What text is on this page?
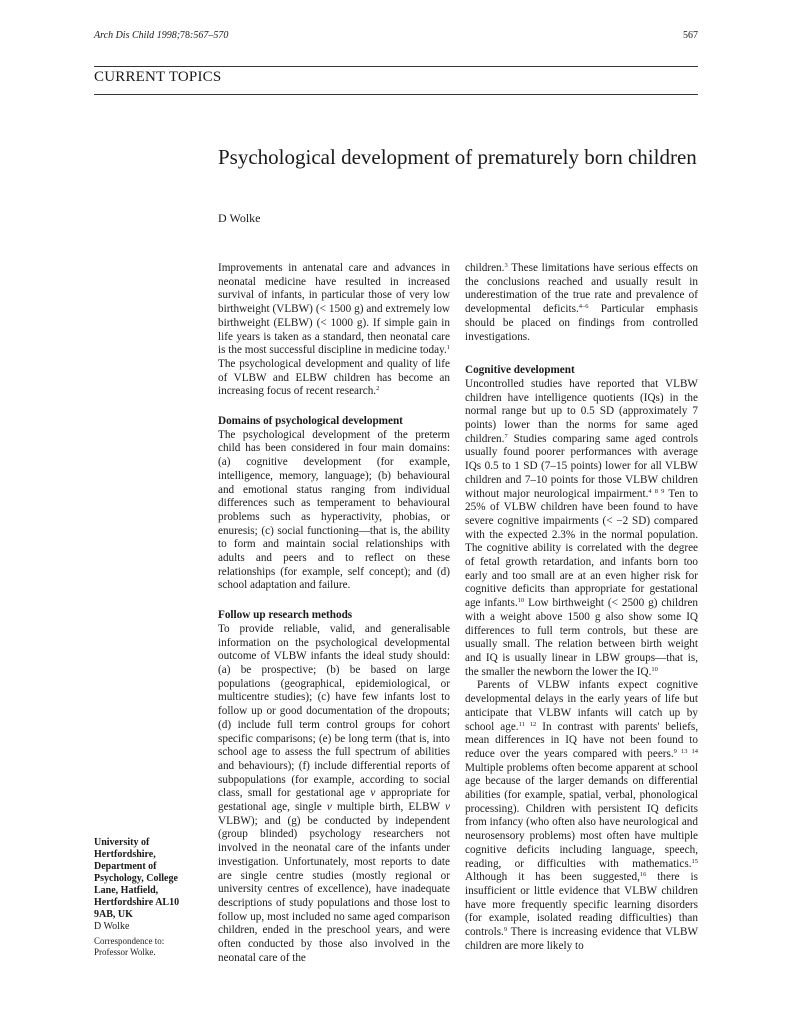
Arch Dis Child 1998;78:567–570	567
CURRENT TOPICS
Psychological development of prematurely born children
D Wolke

Improvements in antenatal care and advances in neonatal medicine have resulted in increased survival of infants, in particular those of very low birthweight (VLBW) (< 1500 g) and extremely low birthweight (ELBW) (< 1000 g). If simple gain in life years is taken as a standard, then neonatal care is the most successful discipline in medicine today.$^1$ The psychological development and quality of life of VLBW and ELBW children has become an increasing focus of recent research.$^2$

Domains of psychological development

The psychological development of the preterm child has been considered in four main domains: (a) cognitive development (for example, intelligence, memory, language); (b) behavioural and emotional status ranging from individual differences such as temperament to behavioural problems such as hyperactivity, phobias, or enuresis; (c) social functioning—that is, the ability to form and maintain social relationships with adults and peers and to reflect on these relationships (for example, self concept); and (d) school adaptation and failure.

Follow up research methods

To provide reliable, valid, and generalisable information on the psychological developmental outcome of VLBW infants the ideal study should: (a) be prospective; (b) be based on large populations (geographical, epidemiological, or multicentre studies); (c) have few infants lost to follow up or good documentation of the dropouts; (d) include full term control groups for cohort specific comparisons; (e) be long term (that is, into school age to assess the full spectrum of abilities and behaviours); (f) include differential reports of subpopulations (for example, according to social class, small for gestational age v appropriate for gestational age, single v multiple birth, ELBW v VLBW); and (g) be conducted by independent (group blinded) psychology researchers not involved in the neonatal care of the infants under investigation. Unfortunately, most reports to date are single centre studies (mostly regional or university centres of excellence), have inadequate descriptions of study populations and those lost to follow up, most included no same aged comparison children, ended in the preschool years, and were often conducted by those also involved in the neonatal care of the

children.$^3$ These limitations have serious effects on the conclusions reached and usually result in underestimation of the true rate and prevalence of developmental deficits.$^{4-6}$ Particular emphasis should be placed on findings from controlled investigations.

Cognitive development

Uncontrolled studies have reported that VLBW children have intelligence quotients (IQs) in the normal range but up to 0.5 SD (approximately 7 points) lower than the norms for same aged children.$^7$ Studies comparing same aged controls usually found poorer performances with average IQs 0.5 to 1 SD (7–15 points) lower for all VLBW children and 7–10 points for those VLBW children without major neurological impairment.$^{4 8 9}$ Ten to 25% of VLBW children have been found to have severe cognitive impairments (< −2 SD) compared with the expected 2.3% in the normal population. The cognitive ability is correlated with the degree of fetal growth retardation, and infants born too early and too small are at an even higher risk for cognitive deficits than appropriate for gestational age infants.$^{10}$ Low birthweight (< 2500 g) children with a weight above 1500 g also show some IQ differences to full term controls, but these are usually small. The relation between birth weight and IQ is usually linear in LBW groups—that is, the smaller the newborn the lower the IQ.$^{10}$

Parents of VLBW infants expect cognitive developmental delays in the early years of life but anticipate that VLBW infants will catch up by school age.$^{11 12}$ In contrast with parents' beliefs, mean differences in IQ have not been found to reduce over the years compared with peers.$^{9 13 14}$ Multiple problems often become apparent at school age because of the larger demands on differential abilities (for example, spatial, verbal, phonological processing). Children with persistent IQ deficits from infancy (who often also have neurological and neurosensory problems) most often have multiple cognitive deficits including language, speech, reading, or difficulties with mathematics.$^{15}$ Although it has been suggested,$^{16}$ there is insufficient or little evidence that VLBW children have more frequently specific learning disorders (for example, isolated reading difficulties) than controls.$^9$ There is increasing evidence that VLBW children are more likely to

University of
Hertfordshire,
Department of
Psychology, College
Lane, Hatfield,
Hertfordshire AL10
9AB, UK
D Wolke
Correspondence to:
Professor Wolke.
